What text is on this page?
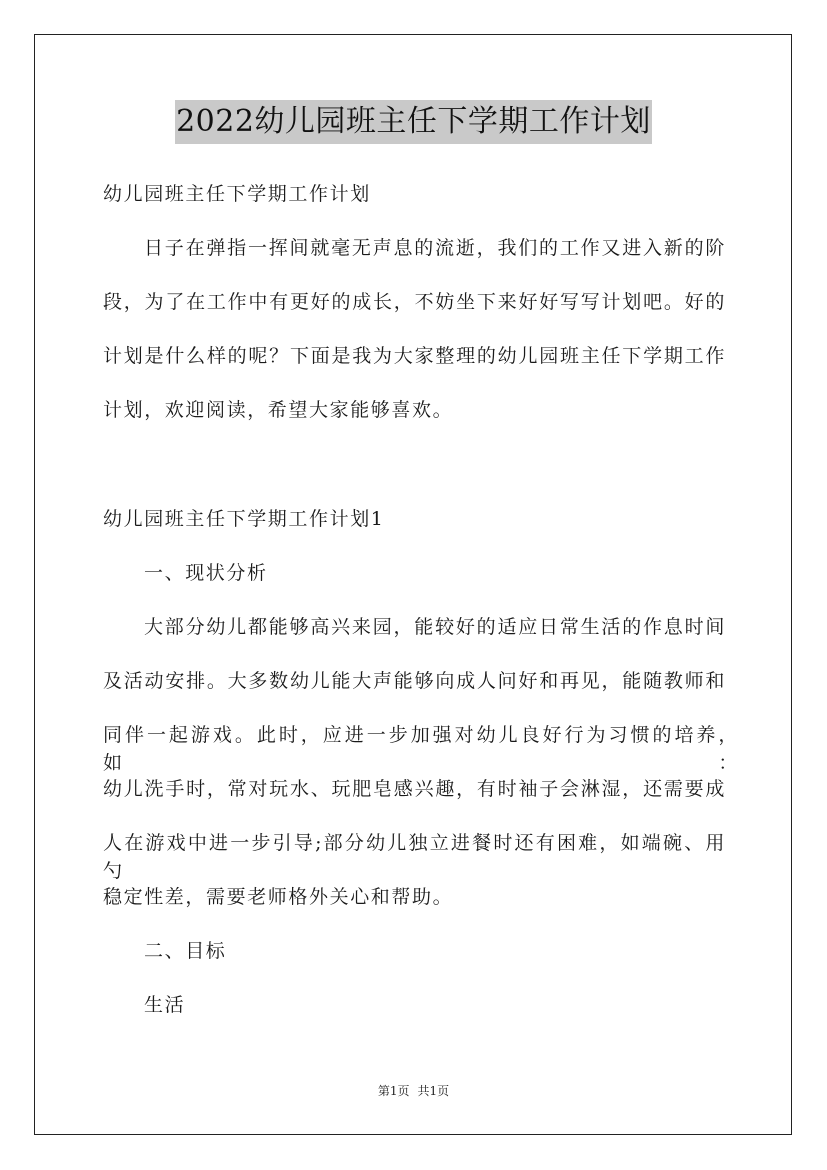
2022幼儿园班主任下学期工作计划
幼儿园班主任下学期工作计划
日子在弹指一挥间就毫无声息的流逝，我们的工作又进入新的阶
段，为了在工作中有更好的成长，不妨坐下来好好写写计划吧。好的
计划是什么样的呢？下面是我为大家整理的幼儿园班主任下学期工作
计划，欢迎阅读，希望大家能够喜欢。
幼儿园班主任下学期工作计划1
一、现状分析
大部分幼儿都能够高兴来园，能较好的适应日常生活的作息时间
及活动安排。大多数幼儿能大声能够向成人问好和再见，能随教师和
同伴一起游戏。此时，应进一步加强对幼儿良好行为习惯的培养，如：
幼儿洗手时，常对玩水、玩肥皂感兴趣，有时袖子会淋湿，还需要成
人在游戏中进一步引导;部分幼儿独立进餐时还有困难，如端碗、用勺
稳定性差，需要老师格外关心和帮助。
二、目标
生活
第1页 共1页
